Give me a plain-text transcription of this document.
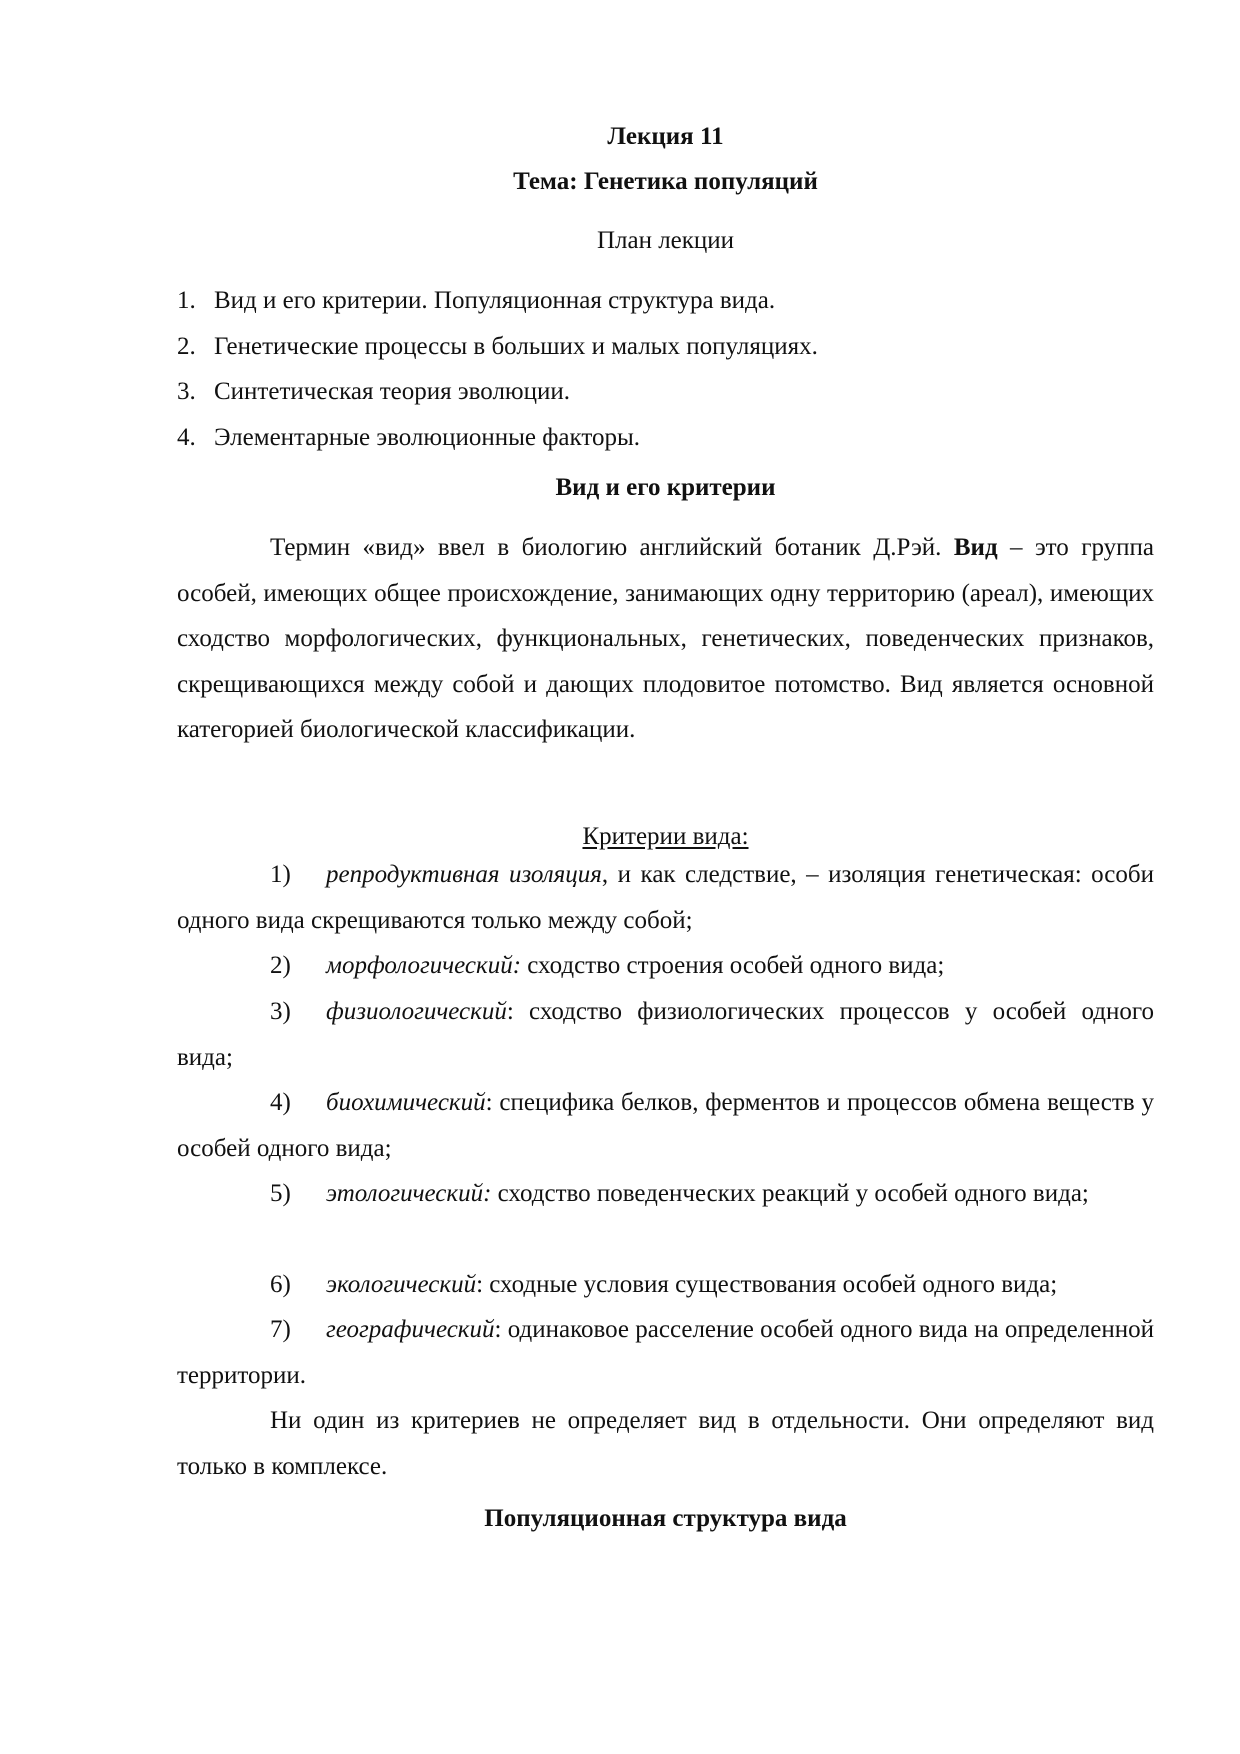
Лекция 11
Тема: Генетика популяций
План лекции
1. Вид и его критерии. Популяционная структура вида.
2. Генетические процессы в больших и малых популяциях.
3. Синтетическая теория эволюции.
4. Элементарные эволюционные факторы.
Вид и его критерии

Термин «вид» ввел в биологию английский ботаник Д.Рэй. Вид – это группа особей, имеющих общее происхождение, занимающих одну территорию (ареал), имеющих сходство морфологических, функциональных, генетических, поведенческих признаков, скрещивающихся между собой и дающих плодовитое потомство. Вид является основной категорией биологической классификации.

Критерии вида:

1) репродуктивная изоляция, и как следствие, – изоляция генетическая: особи одного вида скрещиваются только между собой;

2) морфологический: сходство строения особей одного вида;

3) физиологический: сходство физиологических процессов у особей одного вида;

4) биохимический: специфика белков, ферментов и процессов обмена веществ у особей одного вида;

5) этологический: сходство поведенческих реакций у особей одного вида;

6) экологический: сходные условия существования особей одного вида;

7) географический: одинаковое расселение особей одного вида на определенной территории.

Ни один из критериев не определяет вид в отдельности. Они определяют вид только в комплексе.

Популяционная структура вида
